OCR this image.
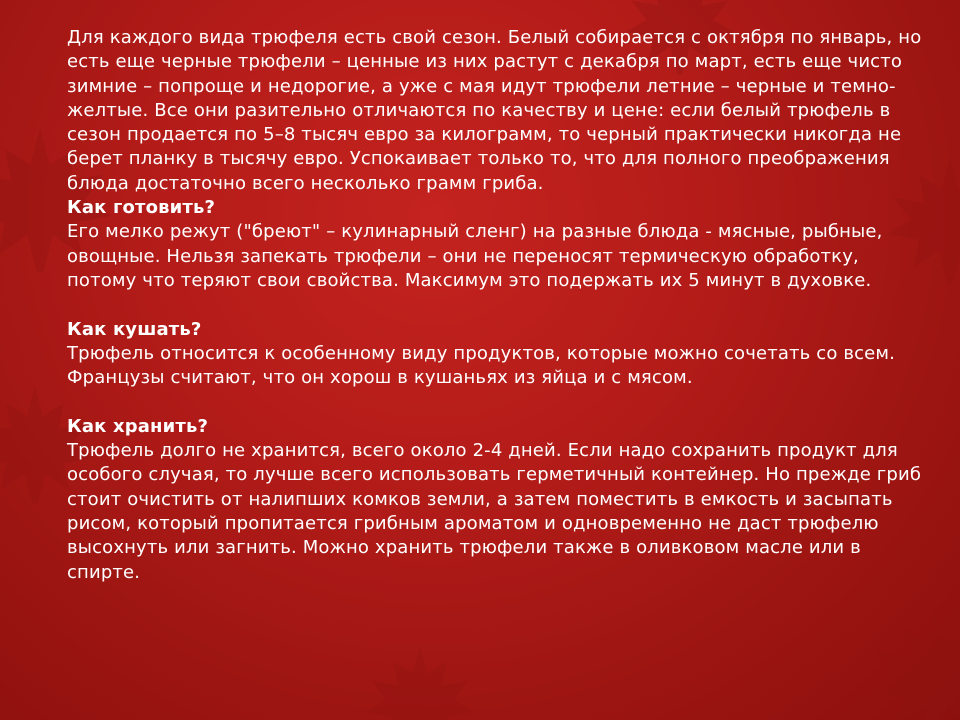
Для каждого вида трюфеля есть свой сезон. Белый собирается с октября по январь, но есть еще черные трюфели – ценные из них растут с декабря по март, есть еще чисто зимние – попроще и недорогие, а уже с мая идут трюфели летние – черные и темно-желтые. Все они разительно отличаются по качеству и цене: если белый трюфель в сезон продается по 5–8 тысяч евро за килограмм, то черный практически никогда не берет планку в тысячу евро. Успокаивает только то, что для полного преображения блюда достаточно всего несколько грамм гриба.

Как готовить?

Его мелко режут ("бреют" – кулинарный сленг) на разные блюда - мясные, рыбные, овощные. Нельзя запекать трюфели – они не переносят термическую обработку, потому что теряют свои свойства. Максимум это подержать их 5 минут в духовке.

Как кушать?

Трюфель относится к особенному виду продуктов, которые можно сочетать со всем. Французы считают, что он хорош в кушаньях из яйца и с мясом.

Как хранить?

Трюфель долго не хранится, всего около 2-4 дней. Если надо сохранить продукт для особого случая, то лучше всего использовать герметичный контейнер. Но прежде гриб стоит очистить от налипших комков земли, а затем поместить в емкость и засыпать рисом, который пропитается грибным ароматом и одновременно не даст трюфелю высохнуть или загнить. Можно хранить трюфели также в оливковом масле или в спирте.
